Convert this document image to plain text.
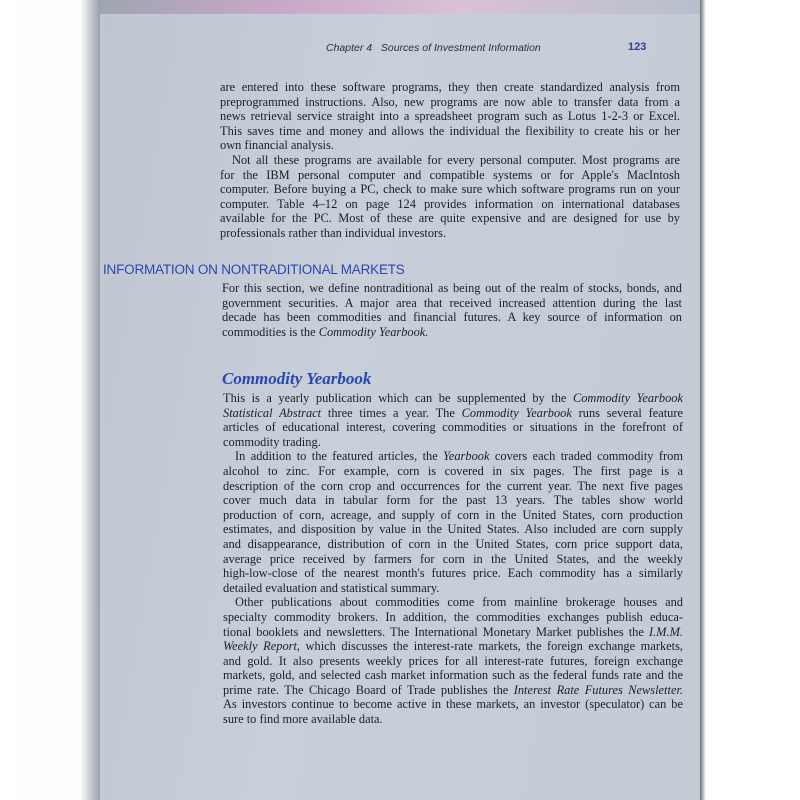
Chapter 4   Sources of Investment Information	123
are entered into these software programs, they then create standardized analysis from
preprogrammed instructions. Also, new programs are now able to transfer data from a
news retrieval service straight into a spreadsheet program such as Lotus 1-2-3 or Excel.
This saves time and money and allows the individual the flexibility to create his or her
own financial analysis.
Not all these programs are available for every personal computer. Most programs are
for the IBM personal computer and compatible systems or for Apple's MacIntosh
computer. Before buying a PC, check to make sure which software programs run on your
computer. Table 4–12 on page 124 provides information on international databases
available for the PC. Most of these are quite expensive and are designed for use by
professionals rather than individual investors.
INFORMATION ON NONTRADITIONAL MARKETS
For this section, we define nontraditional as being out of the realm of stocks, bonds, and
government securities. A major area that received increased attention during the last
decade has been commodities and financial futures. A key source of information on
commodities is the Commodity Yearbook.
Commodity Yearbook
This is a yearly publication which can be supplemented by the Commodity Yearbook
Statistical Abstract three times a year. The Commodity Yearbook runs several feature
articles of educational interest, covering commodities or situations in the forefront of
commodity trading.
In addition to the featured articles, the Yearbook covers each traded commodity from
alcohol to zinc. For example, corn is covered in six pages. The first page is a
description of the corn crop and occurrences for the current year. The next five pages
cover much data in tabular form for the past 13 years. The tables show world
production of corn, acreage, and supply of corn in the United States, corn production
estimates, and disposition by value in the United States. Also included are corn supply
and disappearance, distribution of corn in the United States, corn price support data,
average price received by farmers for corn in the United States, and the weekly
high-low-close of the nearest month's futures price. Each commodity has a similarly
detailed evaluation and statistical summary.
Other publications about commodities come from mainline brokerage houses and
specialty commodity brokers. In addition, the commodities exchanges publish educa-
tional booklets and newsletters. The International Monetary Market publishes the I.M.M.
Weekly Report, which discusses the interest-rate markets, the foreign exchange markets,
and gold. It also presents weekly prices for all interest-rate futures, foreign exchange
markets, gold, and selected cash market information such as the federal funds rate and the
prime rate. The Chicago Board of Trade publishes the Interest Rate Futures Newsletter.
As investors continue to become active in these markets, an investor (speculator) can be
sure to find more available data.
